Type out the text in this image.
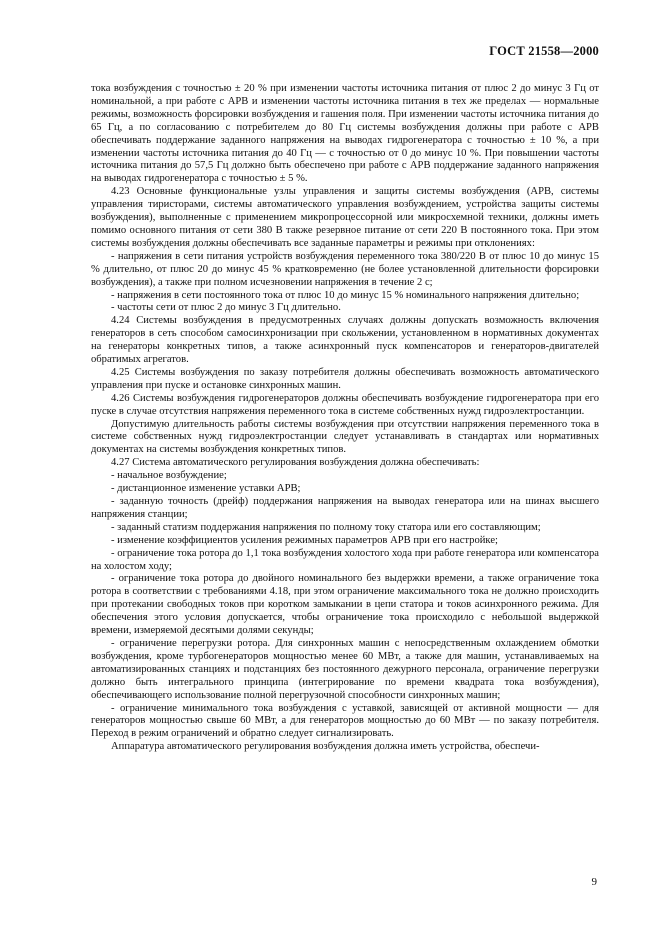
ГОСТ 21558—2000

тока возбуждения с точностью ± 20 % при изменении частоты источника питания от плюс 2 до минус 3 Гц от номинальной, а при работе с АРВ и изменении частоты источника питания в тех же пределах — нормальные режимы, возможность форсировки возбуждения и гашения поля. При изменении частоты источника питания до 65 Гц, а по согласованию с потребителем до 80 Гц системы возбуждения должны при работе с АРВ обеспечивать поддержание заданного напряжения на выводах гидрогенератора с точностью ± 10 %, а при изменении частоты источника питания до 40 Гц — с точностью от 0 до минус 10 %. При повышении частоты источника питания до 57,5 Гц должно быть обеспечено при работе с АРВ поддержание заданного напряжения на выводах гидрогенератора с точностью ± 5 %.

4.23 Основные функциональные узлы управления и защиты системы возбуждения (АРВ, системы управления тиристорами, системы автоматического управления возбуждением, устройства защиты системы возбуждения), выполненные с применением микропроцессорной или микросхемной техники, должны иметь помимо основного питания от сети 380 В также резервное питание от сети 220 В постоянного тока. При этом системы возбуждения должны обеспечивать все заданные параметры и режимы при отклонениях:

- напряжения в сети питания устройств возбуждения переменного тока 380/220 В от плюс 10 до минус 15 % длительно, от плюс 20 до минус 45 % кратковременно (не более установленной длительности форсировки возбуждения), а также при полном исчезновении напряжения в течение 2 с;

- напряжения в сети постоянного тока от плюс 10 до минус 15 % номинального напряжения длительно;

- частоты сети от плюс 2 до минус 3 Гц длительно.

4.24 Системы возбуждения в предусмотренных случаях должны допускать возможность включения генераторов в сеть способом самосинхронизации при скольжении, установленном в нормативных документах на генераторы конкретных типов, а также асинхронный пуск компенсаторов и генераторов-двигателей обратимых агрегатов.

4.25 Системы возбуждения по заказу потребителя должны обеспечивать возможность автоматического управления при пуске и остановке синхронных машин.

4.26 Системы возбуждения гидрогенераторов должны обеспечивать возбуждение гидрогенератора при его пуске в случае отсутствия напряжения переменного тока в системе собственных нужд гидроэлектростанции.

Допустимую длительность работы системы возбуждения при отсутствии напряжения переменного тока в системе собственных нужд гидроэлектростанции следует устанавливать в стандартах или нормативных документах на системы возбуждения конкретных типов.

4.27 Система автоматического регулирования возбуждения должна обеспечивать:

- начальное возбуждение;

- дистанционное изменение уставки АРВ;

- заданную точность (дрейф) поддержания напряжения на выводах генератора или на шинах высшего напряжения станции;

- заданный статизм поддержания напряжения по полному току статора или его составляющим;

- изменение коэффициентов усиления режимных параметров АРВ при его настройке;

- ограничение тока ротора до 1,1 тока возбуждения холостого хода при работе генератора или компенсатора на холостом ходу;

- ограничение тока ротора до двойного номинального без выдержки времени, а также ограничение тока ротора в соответствии с требованиями 4.18, при этом ограничение максимального тока не должно происходить при протекании свободных токов при коротком замыкании в цепи статора и токов асинхронного режима. Для обеспечения этого условия допускается, чтобы ограничение тока происходило с небольшой выдержкой времени, измеряемой десятыми долями секунды;

- ограничение перегрузки ротора. Для синхронных машин с непосредственным охлаждением обмотки возбуждения, кроме турбогенераторов мощностью менее 60 МВт, а также для машин, устанавливаемых на автоматизированных станциях и подстанциях без постоянного дежурного персонала, ограничение перегрузки должно быть интегрального принципа (интегрирование по времени квадрата тока возбуждения), обеспечивающего использование полной перегрузочной способности синхронных машин;

- ограничение минимального тока возбуждения с уставкой, зависящей от активной мощности — для генераторов мощностью свыше 60 МВт, а для генераторов мощностью до 60 МВт — по заказу потребителя. Переход в режим ограничений и обратно следует сигнализировать.

Аппаратура автоматического регулирования возбуждения должна иметь устройства, обеспечи-

9
